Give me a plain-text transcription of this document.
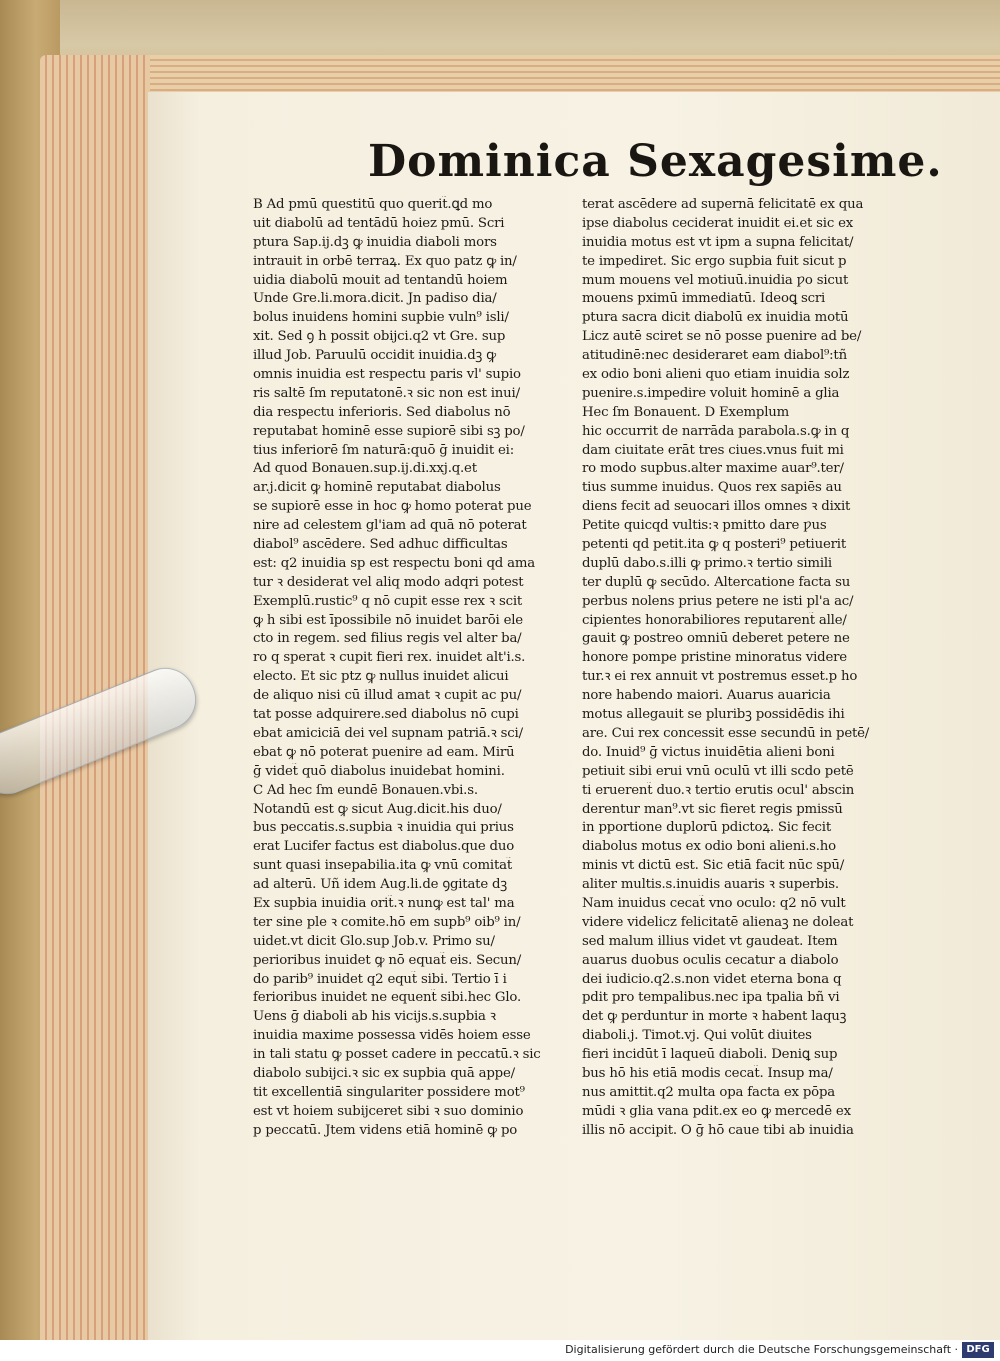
Dominica Sexagesime.
B Ad pmū questitū quo querit̃.ꝗd mo
uit diabolū ad tentādū hoiez pmū. Scri
ptura Sap.ij.dꝫ ꝙ inuidia diaboli mors
intrauit in orbē terraꝝ. Ex quo patz ꝙ in/
uidia diabolū mouit ad tentandū hoiem
Unde Gre.li.mora.dicit. Jn padiso dia/
bolus inuidens homini supbie vuln⁹ isli/
xit. Sed ꝯ h possit obijci.q2 vt Gre. sup
illud Job. Paruulū occidit inuidia.dꝫ ꝙ
omnis inuidia est respectu paris vl' supio
ris saltē ſm reputatonē.ꝛ sic non est inui/
dia respectu inferioris. Sed diabolus nō
reputabat hominē esse supiorē sibi sꝫ po/
tius inferiorē ſm naturā:quō ḡ inuidit ei:
Ad quod Bonauen.sup.ij.di.xxj.q.et
ar.j.dicit ꝙ hominē reputabat diabolus
se supiorē esse in hoc ꝙ homo poterat pue
nire ad celestem gl'iam ad quā nō poterat
diabol⁹ ascēdere. Sed adhuc difficultas
est: q2 inuidia sp est respectu boni qd ama
tur ꝛ desiderat vel aliq modo adqri potest
Exemplū.rustic⁹ q nō cupit esse rex ꝛ scit
ꝙ h sibi est īpossibile nō inuidet barōi ele
cto in regem. sed filius regis vel alter ba/
ro q sperat ꝛ cupit fieri rex. inuidet alt'i.s.
electo. Et sic ptz ꝙ nullus inuidet alicui
de aliquo nisi cū illud amat ꝛ cupit ac pu/
tat posse adquirere.sed diabolus nō cupi
ebat amiciciā dei vel supnam patriā.ꝛ sci/
ebat ꝙ nō poterat puenire ad eam. Mirū
ḡ videt̃ quō diabolus inuidebat homini.
C Ad hec ſm eundē Bonauen.vbi.s.
Notandū est ꝙ sicut Aug.dicit.his duo/
bus peccatis.s.supbia ꝛ inuidia qui prius
erat Lucifer factus est diabolus.que duo
sunt quasi insepabilia.ita ꝙ vnū comitat̃
ad alterū. Uñ idem Aug.li.de ꝯgitate dꝫ
Ex supbia inuidia orit̃.ꝛ nunꝙ est tal' ma
ter sine ple ꝛ comite.hō em supb⁹ oib⁹ in/
uidet.vt dicit Glo.sup Job.v. Primo su/
perioribus inuidet ꝙ nō equat̃ eis. Secun/
do parib⁹ inuidet q2 equt̃ sibi. Tertio ī i
ferioribus inuidet ne equent̃ sibi.hec Glo.
Uens ḡ diaboli ab his vicijs.s.supbia ꝛ
inuidia maxime possessa vidēs hoiem esse
in tali statu ꝙ posset cadere in peccatū.ꝛ sic
diabolo subijci.ꝛ sic ex supbia quā appe/
tit excellentiā singulariter possidere mot⁹
est vt hoiem subijceret sibi ꝛ suo dominio
p peccatū. Jtem videns etiā hominē ꝙ po
terat ascēdere ad supernā felicitatē ex qua
ipse diabolus ceciderat inuidit ei.et sic ex
inuidia motus est vt ipm a supna felicitat/
te impediret. Sic ergo supbia fuit sicut p
mum mouens vel motiuū.inuidia ƿo sicut
mouens pximū immediatū. Ideoꝗ scri
ptura sacra dicit diabolū ex inuidia motū
Licz autē sciret se nō posse puenire ad be/
atitudinē:nec desideraret eam diabol⁹:tñ
ex odio boni alieni quo etiam inuidia solz
puenire.s.impedire voluit hominē a glia
Hec ſm Bonauent. D Exemplum
hic occurrit de narrāda parabola.s.ꝙ in q
dam ciuitate erāt tres ciues.vnus fuit mi
ro modo supbus.alter maxime auar⁹.ter/
tius summe inuidus. Quos rex sapiēs au
diens fecit ad seuocari illos omnes ꝛ dixit
Petite quicqd vultis:ꝛ pmitto dare ƿus
petenti qd petit.ita ꝙ q posteri⁹ petiuerit
duplū dabo.s.illi ꝙ primo.ꝛ tertio simili
ter duplū ꝙ secūdo. Altercatione facta su
perbus nolens prius petere ne isti pl'a ac/
cipientes honorabiliores reputarent̃ alle/
gauit ꝙ postreo omniū deberet petere ne
honore pompe pristine minoratus videre
tur.ꝛ ei rex annuit vt postremus esset.p ho
nore habendo maiori. Auarus auaricia
motus allegauit se pluribꝫ possidēdis ihi
are. Cui rex concessit esse secundū in petē/
do. Inuid⁹ ḡ victus inuidētia alieni boni
petiuit sibi erui vnū oculū vt illi scdo petē
ti eruerent̃ duo.ꝛ tertio erutis ocul' abscin
derentur man⁹.vt sic fieret regis pmissū
in pportione duplorū pdictoꝝ. Sic fecit
diabolus motus ex odio boni alieni.s.ho
minis vt dictū est. Sic etiā facit nūc spū/
aliter multis.s.inuidis auaris ꝛ superbis.
Nam inuidus cecat̃ vno oculo: q2 nō vult
videre videlicz felicitatē alienaꝫ ne doleat
sed malum illius videt vt gaudeat. Item
auarus duobus oculis cecatur a diabolo
dei iudicio.q2.s.non videt eterna bona q
pdit pro tempalibus.nec ipa tpalia bñ vi
det ꝙ perduntur in morte ꝛ habent laquꝫ
diaboli.j. Timot.vj. Qui volūt diuites
fieri incidūt ī laqueū diaboli. Deniꝗ sup
bus hō his etiā modis cecat̃. Insup ma/
nus amittit.q2 multa opa facta ex pōpa
mūdi ꝛ glia vana pdit.ex eo ꝙ mercedē ex
illis nō accipit. O ḡ hō caue tibi ab inuidia
Digitalisierung gefördert durch die Deutsche Forschungsgemeinschaft · DFG
